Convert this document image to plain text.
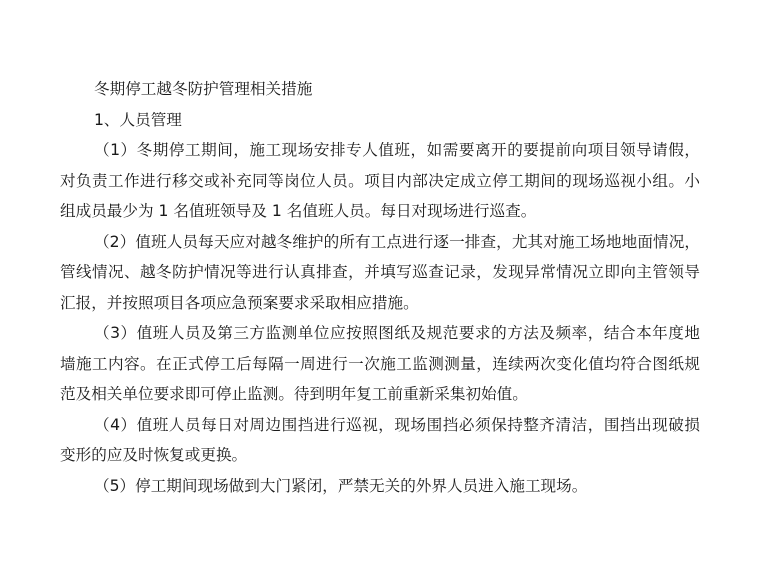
冬期停工越冬防护管理相关措施
1、人员管理
（1）冬期停工期间，施工现场安排专人值班，如需要离开的要提前向项目领导请假，
对负责工作进行移交或补充同等岗位人员。项目内部决定成立停工期间的现场巡视小组。小
组成员最少为 1 名值班领导及 1 名值班人员。每日对现场进行巡查。
（2）值班人员每天应对越冬维护的所有工点进行逐一排查，尤其对施工场地地面情况，
管线情况、越冬防护情况等进行认真排查，并填写巡查记录，发现异常情况立即向主管领导
汇报，并按照项目各项应急预案要求采取相应措施。
（3）值班人员及第三方监测单位应按照图纸及规范要求的方法及频率，结合本年度地
墙施工内容。在正式停工后每隔一周进行一次施工监测测量，连续两次变化值均符合图纸规
范及相关单位要求即可停止监测。待到明年复工前重新采集初始值。
（4）值班人员每日对周边围挡进行巡视，现场围挡必须保持整齐清洁，围挡出现破损
变形的应及时恢复或更换。
（5）停工期间现场做到大门紧闭，严禁无关的外界人员进入施工现场。
